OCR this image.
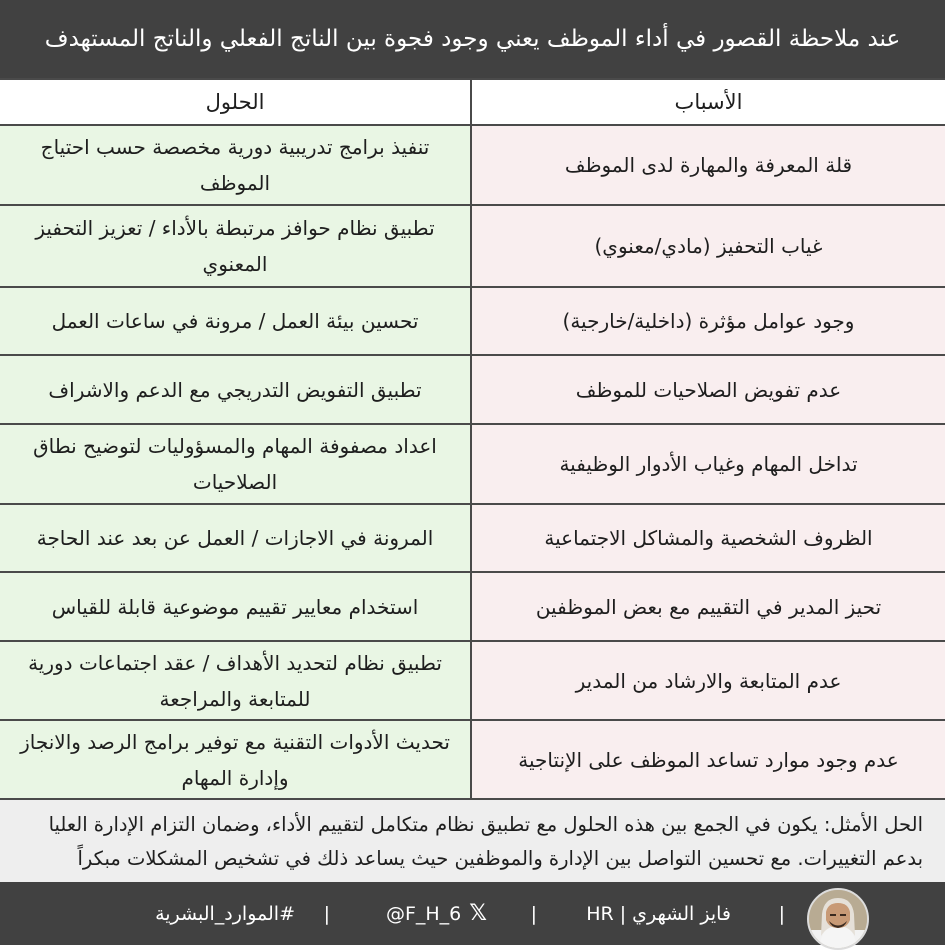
عند ملاحظة القصور في أداء الموظف يعني وجود فجوة بين الناتج الفعلي والناتج المستهدف
الأسباب
الحلول
قلة المعرفة والمهارة لدى الموظف
تنفيذ برامج تدريبية دورية مخصصة حسب احتياج الموظف
غياب التحفيز (مادي/معنوي)
تطبيق نظام حوافز مرتبطة بالأداء / تعزيز التحفيز المعنوي
وجود عوامل مؤثرة (داخلية/خارجية)
تحسين بيئة العمل / مرونة في ساعات العمل
عدم تفويض الصلاحيات للموظف
تطبيق التفويض التدريجي مع الدعم والاشراف
تداخل المهام وغياب الأدوار الوظيفية
اعداد مصفوفة المهام والمسؤوليات لتوضيح نطاق الصلاحيات
الظروف الشخصية والمشاكل الاجتماعية
المرونة في الاجازات / العمل عن بعد عند الحاجة
تحيز المدير في التقييم مع بعض الموظفين
استخدام معايير تقييم موضوعية قابلة للقياس
عدم المتابعة والارشاد من المدير
تطبيق نظام لتحديد الأهداف / عقد اجتماعات دورية للمتابعة والمراجعة
عدم وجود موارد تساعد الموظف على الإنتاجية
تحديث الأدوات التقنية مع توفير برامج الرصد والانجاز وإدارة المهام
الحل الأمثل: يكون في الجمع بين هذه الحلول مع تطبيق نظام متكامل لتقييم الأداء، وضمان التزام الإدارة العليا بدعم التغييرات. مع تحسين التواصل بين الإدارة والموظفين حيث يساعد ذلك في تشخيص المشكلات مبكراً
|
فايز الشهري | HR
|
𝕏
@F_H_6
|
#الموارد_البشرية
